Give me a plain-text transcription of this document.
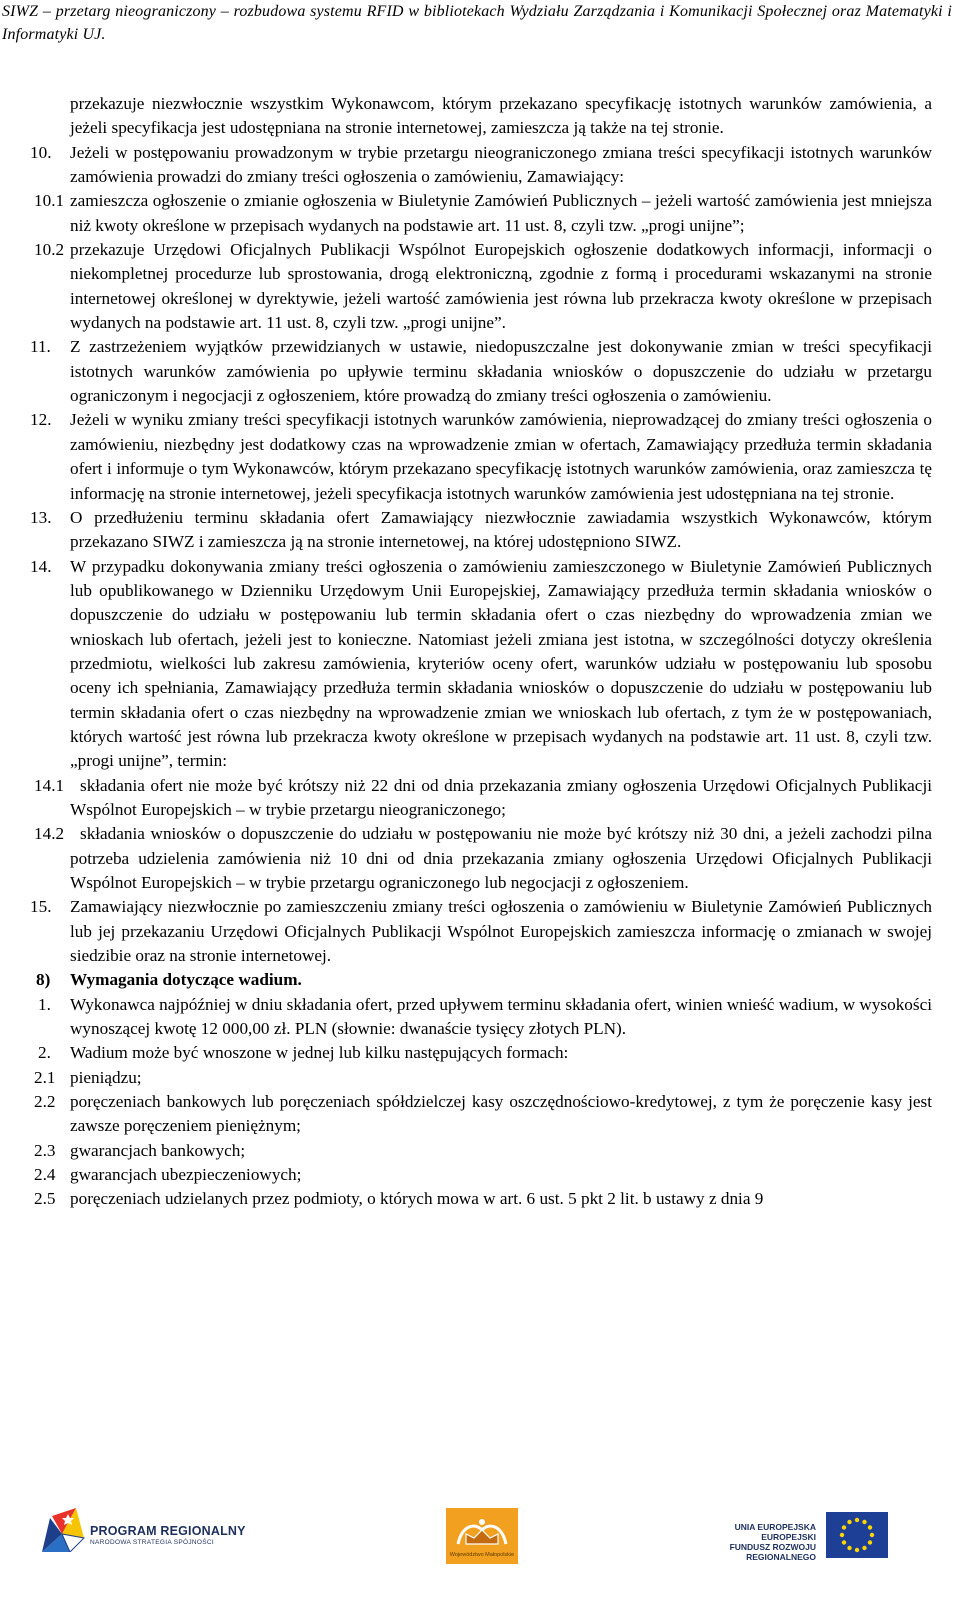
SIWZ – przetarg nieograniczony – rozbudowa systemu RFID w bibliotekach Wydziału Zarządzania i Komunikacji Społecznej oraz Matematyki i Informatyki UJ.

przekazuje niezwłocznie wszystkim Wykonawcom, którym przekazano specyfikację istotnych warunków zamówienia, a jeżeli specyfikacja jest udostępniana na stronie internetowej, zamieszcza ją także na tej stronie.

10. Jeżeli w postępowaniu prowadzonym w trybie przetargu nieograniczonego zmiana treści specyfikacji istotnych warunków zamówienia prowadzi do zmiany treści ogłoszenia o zamówieniu, Zamawiający:
10.1 zamieszcza ogłoszenie o zmianie ogłoszenia w Biuletynie Zamówień Publicznych – jeżeli wartość zamówienia jest mniejsza niż kwoty określone w przepisach wydanych na podstawie art. 11 ust. 8, czyli tzw. „progi unijne”;
10.2 przekazuje Urzędowi Oficjalnych Publikacji Wspólnot Europejskich ogłoszenie dodatkowych informacji, informacji o niekompletnej procedurze lub sprostowania, drogą elektroniczną, zgodnie z formą i procedurami wskazanymi na stronie internetowej określonej w dyrektywie, jeżeli wartość zamówienia jest równa lub przekracza kwoty określone w przepisach wydanych na podstawie art. 11 ust. 8, czyli tzw. „progi unijne”.
11. Z zastrzeżeniem wyjątków przewidzianych w ustawie, niedopuszczalne jest dokonywanie zmian w treści specyfikacji istotnych warunków zamówienia po upływie terminu składania wniosków o dopuszczenie do udziału w przetargu ograniczonym i negocjacji z ogłoszeniem, które prowadzą do zmiany treści ogłoszenia o zamówieniu.
12. Jeżeli w wyniku zmiany treści specyfikacji istotnych warunków zamówienia, nieprowadzącej do zmiany treści ogłoszenia o zamówieniu, niezbędny jest dodatkowy czas na wprowadzenie zmian w ofertach, Zamawiający przedłuża termin składania ofert i informuje o tym Wykonawców, którym przekazano specyfikację istotnych warunków zamówienia, oraz zamieszcza tę informację na stronie internetowej, jeżeli specyfikacja istotnych warunków zamówienia jest udostępniana na tej stronie.
13. O przedłużeniu terminu składania ofert Zamawiający niezwłocznie zawiadamia wszystkich Wykonawców, którym przekazano SIWZ i zamieszcza ją na stronie internetowej, na której udostępniono SIWZ.
14. W przypadku dokonywania zmiany treści ogłoszenia o zamówieniu zamieszczonego w Biuletynie Zamówień Publicznych lub opublikowanego w Dzienniku Urzędowym Unii Europejskiej, Zamawiający przedłuża termin składania wniosków o dopuszczenie do udziału w postępowaniu lub termin składania ofert o czas niezbędny do wprowadzenia zmian we wnioskach lub ofertach, jeżeli jest to konieczne. Natomiast jeżeli zmiana jest istotna, w szczególności dotyczy określenia przedmiotu, wielkości lub zakresu zamówienia, kryteriów oceny ofert, warunków udziału w postępowaniu lub sposobu oceny ich spełniania, Zamawiający przedłuża termin składania wniosków o dopuszczenie do udziału w postępowaniu lub termin składania ofert o czas niezbędny na wprowadzenie zmian we wnioskach lub ofertach, z tym że w postępowaniach, których wartość jest równa lub przekracza kwoty określone w przepisach wydanych na podstawie art. 11 ust. 8, czyli tzw. „progi unijne”, termin:
14.1 składania ofert nie może być krótszy niż 22 dni od dnia przekazania zmiany ogłoszenia Urzędowi Oficjalnych Publikacji Wspólnot Europejskich – w trybie przetargu nieograniczonego;
14.2 składania wniosków o dopuszczenie do udziału w postępowaniu nie może być krótszy niż 30 dni, a jeżeli zachodzi pilna potrzeba udzielenia zamówienia niż 10 dni od dnia przekazania zmiany ogłoszenia Urzędowi Oficjalnych Publikacji Wspólnot Europejskich – w trybie przetargu ograniczonego lub negocjacji z ogłoszeniem.
15. Zamawiający niezwłocznie po zamieszczeniu zmiany treści ogłoszenia o zamówieniu w Biuletynie Zamówień Publicznych lub jej przekazaniu Urzędowi Oficjalnych Publikacji Wspólnot Europejskich zamieszcza informację o zmianach w swojej siedzibie oraz na stronie internetowej.
8) Wymagania dotyczące wadium.
1. Wykonawca najpóźniej w dniu składania ofert, przed upływem terminu składania ofert, winien wnieść wadium, w wysokości wynoszącej kwotę 12 000,00 zł. PLN (słownie: dwanaście tysięcy złotych PLN).
2. Wadium może być wnoszone w jednej lub kilku następujących formach:
2.1 pieniądzu;
2.2 poręczeniach bankowych lub poręczeniach spółdzielczej kasy oszczędnościowo-kredytowej, z tym że poręczenie kasy jest zawsze poręczeniem pieniężnym;
2.3 gwarancjach bankowych;
2.4 gwarancjach ubezpieczeniowych;
2.5 poręczeniach udzielanych przez podmioty, o których mowa w art. 6 ust. 5 pkt 2 lit. b ustawy z dnia 9
PROGRAM REGIONALNY
NARODOWA STRATEGIA SPÓJNOŚCI
Województwo Małopolskie
UNIA EUROPEJSKA EUROPEJSKI FUNDUSZ ROZWOJU REGIONALNEGO
